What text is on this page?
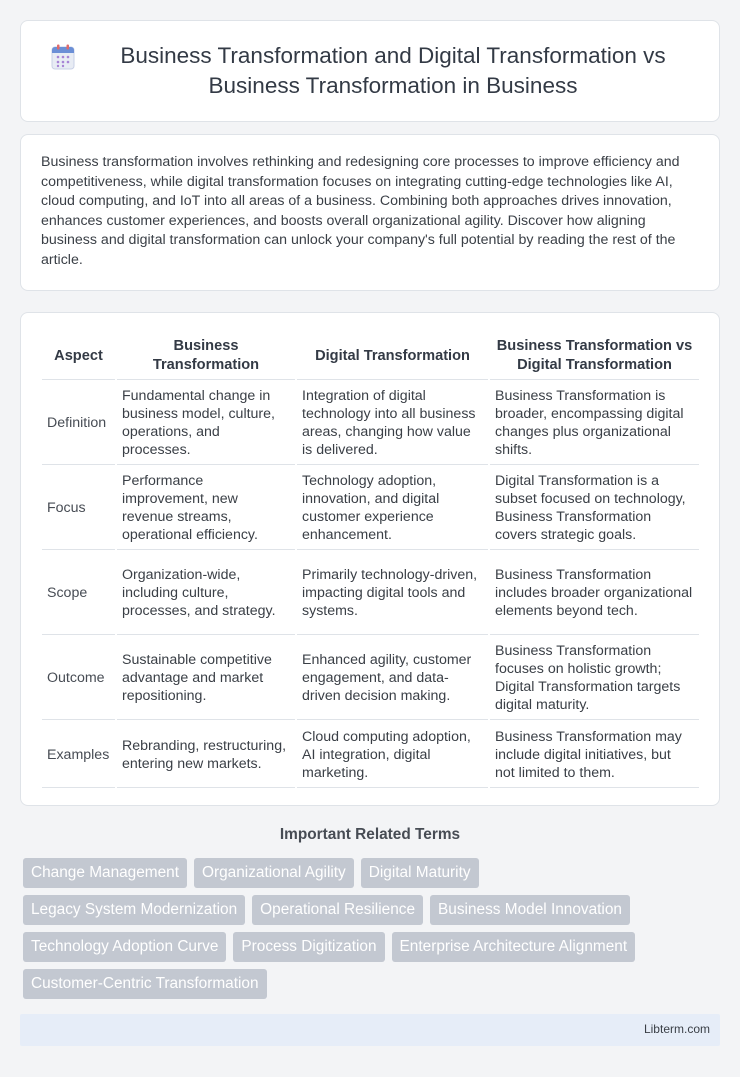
Business Transformation and Digital Transformation vs Business Transformation in Business

Business transformation involves rethinking and redesigning core processes to improve efficiency and competitiveness, while digital transformation focuses on integrating cutting-edge technologies like AI, cloud computing, and IoT into all areas of a business. Combining both approaches drives innovation, enhances customer experiences, and boosts overall organizational agility. Discover how aligning business and digital transformation can unlock your company's full potential by reading the rest of the article.

Aspect	Business Transformation	Digital Transformation	Business Transformation vs Digital Transformation
Definition	Fundamental change in business model, culture, operations, and processes.	Integration of digital technology into all business areas, changing how value is delivered.	Business Transformation is broader, encompassing digital changes plus organizational shifts.
Focus	Performance improvement, new revenue streams, operational efficiency.	Technology adoption, innovation, and digital customer experience enhancement.	Digital Transformation is a subset focused on technology, Business Transformation covers strategic goals.
Scope	Organization-wide, including culture, processes, and strategy.	Primarily technology-driven, impacting digital tools and systems.	Business Transformation includes broader organizational elements beyond tech.
Outcome	Sustainable competitive advantage and market repositioning.	Enhanced agility, customer engagement, and data-driven decision making.	Business Transformation focuses on holistic growth; Digital Transformation targets digital maturity.
Examples	Rebranding, restructuring, entering new markets.	Cloud computing adoption, AI integration, digital marketing.	Business Transformation may include digital initiatives, but not limited to them.
Important Related Terms
Change Management	Organizational Agility	Digital Maturity
Legacy System Modernization	Operational Resilience	Business Model Innovation
Technology Adoption Curve	Process Digitization	Enterprise Architecture Alignment
Customer-Centric Transformation
Libterm.com
